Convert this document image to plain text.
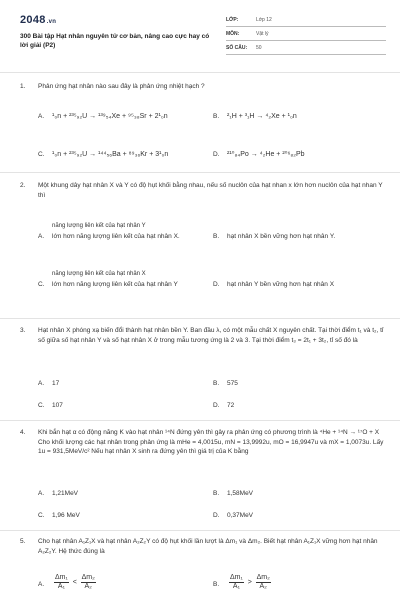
2048.vn
300 Bài tập Hạt nhân nguyên tử cơ bản, nâng cao cực hay có lời giải (P2)
LỚP:	Lớp 12
MÔN:	Vật lý
SỐ CÂU: 50
1. Phản ứng hạt nhân nào sau đây là phản ứng nhiệt hạch ?
A. ¹₀n + ²³⁵₉₂U → ¹³⁹₅₄Xe + ⁹⁵₃₈Sr + 2¹₀n	B. ²₁H + ³₁H → ⁴₂Xe + ¹₀n
C. ¹₀n + ²³⁵₉₂U → ¹⁴⁴₅₆Ba + ⁸⁹₃₆Kr + 3¹₀n	D. ²¹⁰₈₄Po → ⁴₂He + ²⁰⁶₈₂Pb
2. Một khung dây hạt nhân X và Y có độ hụt khối bằng nhau, nếu số nuclôn của hạt nhan x lớn hơn nuclôn của hạt nhan Y thì
năng lượng liên kết của hạt nhân Y
A. lớn hơn năng lượng liên kết của hạt nhân X.	B. hạt nhân X bền vững hơn hạt nhân Y.
năng lượng liên kết của hạt nhân X
C. lớn hơn năng lượng liên kết của hạt nhân Y	D. hạt nhân Y bền vững hơn hạt nhân X
3. Hạt nhân X phóng xạ biến đổi thành hạt nhân bền Y. Ban đầu λ, có một mẫu chất X nguyên chất. Tại thời điểm t₁ và t₂, tỉ số giữa số hạt nhân Y và số hạt nhân X ở trong mẫu tương ứng là 2 và 3. Tại thời điểm t₃ = 2t₁ + 3t₂, tỉ số đó là
A. 17	B. 575
C. 107	D. 72
4. Khi bắn hạt α có động năng K vào hạt nhân ¹⁴N đứng yên thì gây ra phản ứng có phương trình là ⁴He + ¹⁴N → ¹⁷O + X Cho khối lượng các hạt nhân trong phản ứng là mHe = 4,0015u, mN = 13,9992u, mO = 16,9947u và mX = 1,0073u. Lấy 1u = 931,5MeV/c² Nếu hạt nhân X sinh ra đứng yên thì giá trị của K bằng
A. 1,21MeV	B. 1,58MeV
C. 1,96 MeV	D. 0,37MeV
5. Cho hạt nhân A₁Z₁X và hạt nhân A₂Z₂Y có độ hụt khối lần lượt là Δm₁ và Δm₂. Biết hạt nhân A₁Z₁X vững hơn hạt nhân A₂Z₂Y. Hệ thức đúng là
A. $\frac{\text{Δm₁}}{\text{A₁}} < \frac{\text{Δm₂}}{\text{A₂}}$	B. $\frac{\text{Δm₁}}{\text{A₁}} > \frac{\text{Δm₂}}{\text{A₂}}$
